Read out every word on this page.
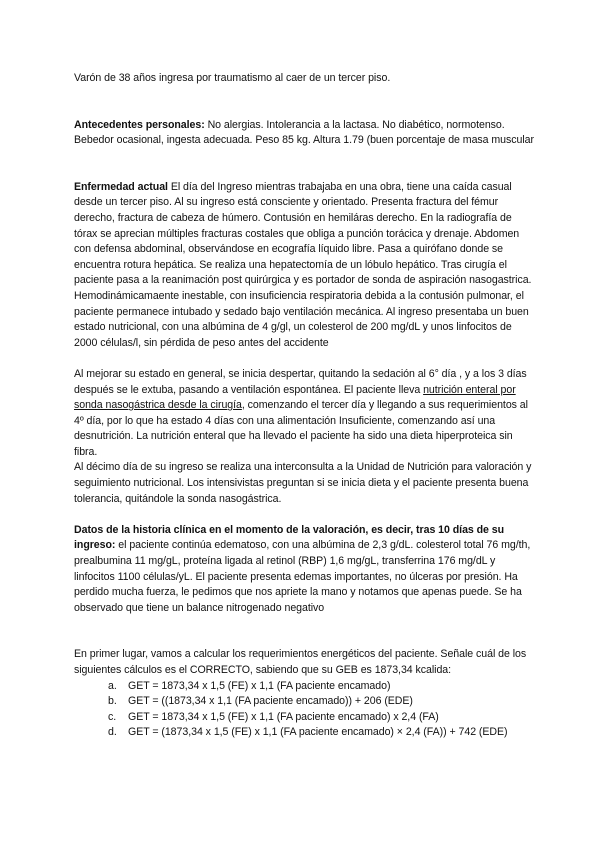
Varón de 38 años ingresa por traumatismo al caer de un tercer piso.

Antecedentes personales: No alergias. Intolerancia a la lactasa. No diabético, normotenso. Bebedor ocasional, ingesta adecuada. Peso 85 kg. Altura 1.79 (buen porcentaje de masa muscular

Enfermedad actual El día del Ingreso mientras trabajaba en una obra, tiene una caída casual desde un tercer piso. Al su ingreso está consciente y orientado. Presenta fractura del fémur derecho, fractura de cabeza de húmero. Contusión en hemiláras derecho. En la radiografía de tórax se aprecian múltiples fracturas costales que obliga a punción torácica y drenaje. Abdomen con defensa abdominal, observándose en ecografía líquido libre. Pasa a quirófano donde se encuentra rotura hepática. Se realiza una hepatectomía de un lóbulo hepático. Tras cirugía el paciente pasa a la reanimación post quirúrgica y es portador de sonda de aspiración nasogastrica. Hemodinámicamaente inestable, con insuficiencia respiratoria debida a la contusión pulmonar, el paciente permanece intubado y sedado bajo ventilación mecánica. Al ingreso presentaba un buen estado nutricional, con una albúmina de 4 g/gl, un colesterol de 200 mg/dL y unos linfocitos de 2000 células/l, sin pérdida de peso antes del accidente

Al mejorar su estado en general, se inicia despertar, quitando la sedación al 6° día , y a los 3 días después se le extuba, pasando a ventilación espontánea. El paciente lleva nutrición enteral por sonda nasogástrica desde la cirugía, comenzando el tercer día y llegando a sus requerimientos al 4º día, por lo que ha estado 4 días con una alimentación Insuficiente, comenzando así una desnutrición. La nutrición enteral que ha llevado el paciente ha sido una dieta hiperproteica sin fibra.

Al décimo día de su ingreso se realiza una interconsulta a la Unidad de Nutrición para valoración y seguimiento nutricional. Los intensivistas preguntan si se inicia dieta y el paciente presenta buena tolerancia, quitándole la sonda nasogástrica.

Datos de la historia clínica en el momento de la valoración, es decir, tras 10 días de su ingreso: el paciente continúa edematoso, con una albúmina de 2,3 g/dL. colesterol total 76 mg/th, prealbumina 11 mg/gL, proteína ligada al retinol (RBP) 1,6 mg/gL, transferrina 176 mg/dL y linfocitos 1100 células/yL. El paciente presenta edemas importantes, no úlceras por presión. Ha perdido mucha fuerza, le pedimos que nos apriete la mano y notamos que apenas puede. Se ha observado que tiene un balance nitrogenado negativo

En primer lugar, vamos a calcular los requerimientos energéticos del paciente. Señale cuál de los siguientes cálculos es el CORRECTO, sabiendo que su GEB es 1873,34 kcalida:

a.	GET = 1873,34 x 1,5 (FE) x 1,1 (FA paciente encamado)
b.	GET = ((1873,34 x 1,1 (FA paciente encamado)) + 206 (EDE)
c.	GET = 1873,34 x 1,5 (FE) x 1,1 (FA paciente encamado) x 2,4 (FA)
d.	GET = (1873,34 x 1,5 (FE) x 1,1 (FA paciente encamado) × 2,4 (FA)) + 742 (EDE)
